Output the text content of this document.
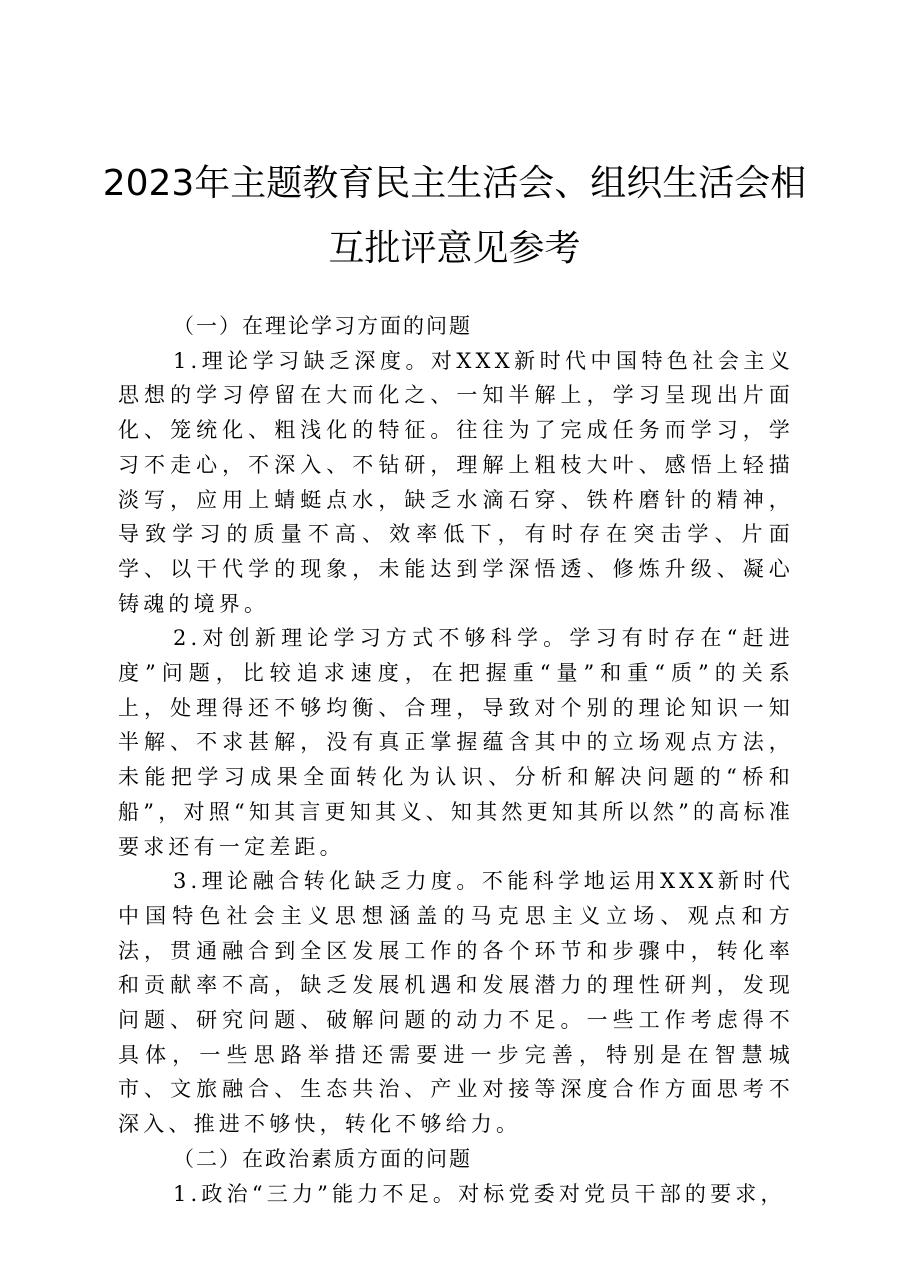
2023年主题教育民主生活会、组织生活会相
互批评意见参考

（一）在理论学习方面的问题

1.理论学习缺乏深度。对XXX新时代中国特色社会主义思想的学习停留在大而化之、一知半解上，学习呈现出片面化、笼统化、粗浅化的特征。往往为了完成任务而学习，学习不走心，不深入、不钻研，理解上粗枝大叶、感悟上轻描淡写，应用上蜻蜓点水，缺乏水滴石穿、铁杵磨针的精神，导致学习的质量不高、效率低下，有时存在突击学、片面学、以干代学的现象，未能达到学深悟透、修炼升级、凝心铸魂的境界。

2.对创新理论学习方式不够科学。学习有时存在“赶进度”问题，比较追求速度，在把握重“量”和重“质”的关系上，处理得还不够均衡、合理，导致对个别的理论知识一知半解、不求甚解，没有真正掌握蕴含其中的立场观点方法，未能把学习成果全面转化为认识、分析和解决问题的“桥和船”，对照“知其言更知其义、知其然更知其所以然”的高标准要求还有一定差距。

3.理论融合转化缺乏力度。不能科学地运用XXX新时代中国特色社会主义思想涵盖的马克思主义立场、观点和方法，贯通融合到全区发展工作的各个环节和步骤中，转化率和贡献率不高，缺乏发展机遇和发展潜力的理性研判，发现问题、研究问题、破解问题的动力不足。一些工作考虑得不具体，一些思路举措还需要进一步完善，特别是在智慧城市、文旅融合、生态共治、产业对接等深度合作方面思考不深入、推进不够快，转化不够给力。

（二）在政治素质方面的问题

1.政治“三力”能力不足。对标党委对党员干部的要求，
